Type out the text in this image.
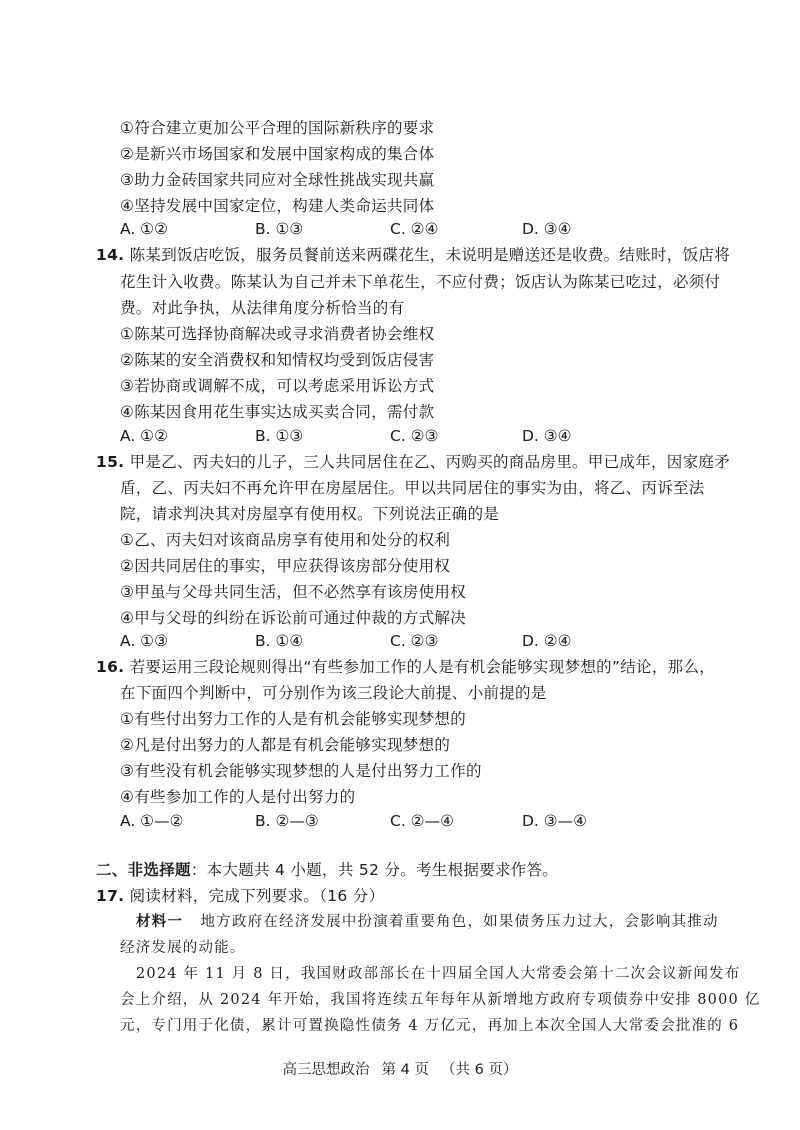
①符合建立更加公平合理的国际新秩序的要求
②是新兴市场国家和发展中国家构成的集合体
③助力金砖国家共同应对全球性挑战实现共赢
④坚持发展中国家定位，构建人类命运共同体
A. ①②	B. ①③	C. ②④	D. ③④
14. 陈某到饭店吃饭，服务员餐前送来两碟花生，未说明是赠送还是收费。结账时，饭店将
花生计入收费。陈某认为自己并未下单花生，不应付费；饭店认为陈某已吃过，必须付
费。对此争执，从法律角度分析恰当的有
①陈某可选择协商解决或寻求消费者协会维权
②陈某的安全消费权和知情权均受到饭店侵害
③若协商或调解不成，可以考虑采用诉讼方式
④陈某因食用花生事实达成买卖合同，需付款
A. ①②	B. ①③	C. ②③	D. ③④
15. 甲是乙、丙夫妇的儿子，三人共同居住在乙、丙购买的商品房里。甲已成年，因家庭矛
盾，乙、丙夫妇不再允许甲在房屋居住。甲以共同居住的事实为由，将乙、丙诉至法
院，请求判决其对房屋享有使用权。下列说法正确的是
①乙、丙夫妇对该商品房享有使用和处分的权利
②因共同居住的事实，甲应获得该房部分使用权
③甲虽与父母共同生活，但不必然享有该房使用权
④甲与父母的纠纷在诉讼前可通过仲裁的方式解决
A. ①③	B. ①④	C. ②③	D. ②④
16. 若要运用三段论规则得出“有些参加工作的人是有机会能够实现梦想的”结论，那么，
在下面四个判断中，可分别作为该三段论大前提、小前提的是
①有些付出努力工作的人是有机会能够实现梦想的
②凡是付出努力的人都是有机会能够实现梦想的
③有些没有机会能够实现梦想的人是付出努力工作的
④有些参加工作的人是付出努力的
A. ①—②	B. ②—③	C. ②—④	D. ③—④
二、非选择题：本大题共 4 小题，共 52 分。考生根据要求作答。
17. 阅读材料，完成下列要求。（16 分）
材料一 地方政府在经济发展中扮演着重要角色，如果债务压力过大，会影响其推动
经济发展的动能。
2024 年 11 月 8 日，我国财政部部长在十四届全国人大常委会第十二次会议新闻发布
会上介绍，从 2024 年开始，我国将连续五年每年从新增地方政府专项债券中安排 8000 亿
元，专门用于化债，累计可置换隐性债务 4 万亿元，再加上本次全国人大常委会批准的 6
高三思想政治 第 4 页 （共 6 页）
